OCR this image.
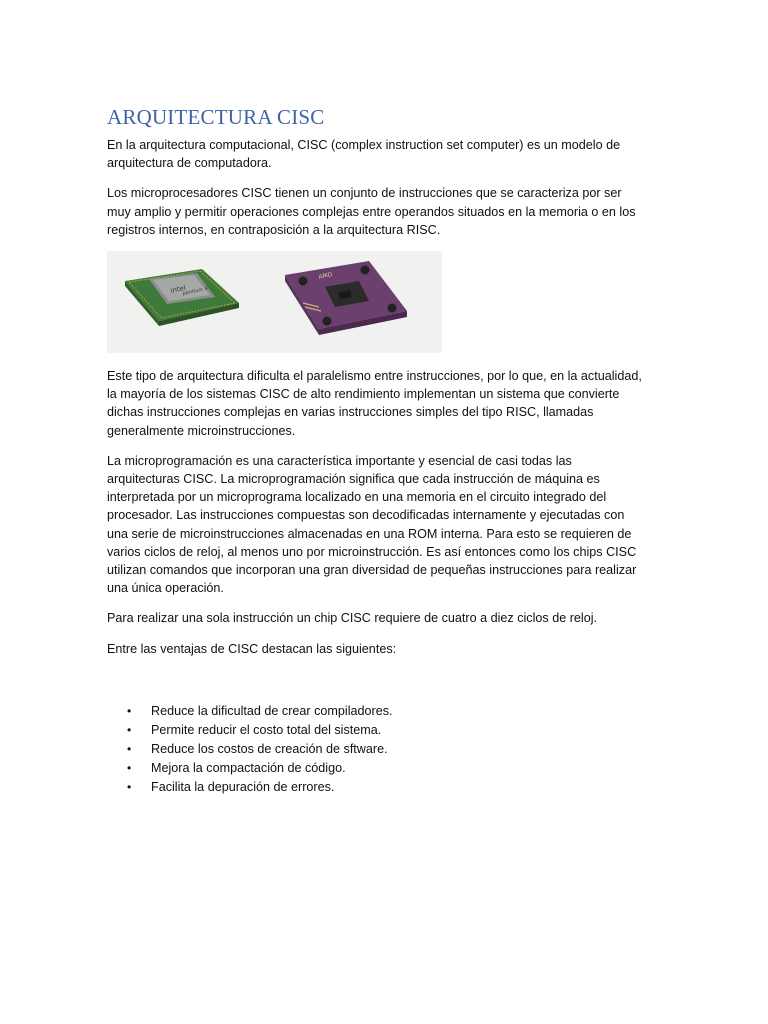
ARQUITECTURA CISC

En la arquitectura computacional, CISC (complex instruction set computer) es un modelo de arquitectura de computadora.

Los microprocesadores CISC tienen un conjunto de instrucciones que se caracteriza por ser muy amplio y permitir operaciones complejas entre operandos situados en la memoria o en los registros internos, en contraposición a la arquitectura RISC.

intel
pentium 4
AMD

Este tipo de arquitectura dificulta el paralelismo entre instrucciones, por lo que, en la actualidad, la mayoría de los sistemas CISC de alto rendimiento implementan un sistema que convierte dichas instrucciones complejas en varias instrucciones simples del tipo RISC, llamadas generalmente microinstrucciones.

La microprogramación es una característica importante y esencial de casi todas las arquitecturas CISC. La microprogramación significa que cada instrucción de máquina es interpretada por un microprograma localizado en una memoria en el circuito integrado del procesador. Las instrucciones compuestas son decodificadas internamente y ejecutadas con una serie de microinstrucciones almacenadas en una ROM interna. Para esto se requieren de varios ciclos de reloj, al menos uno por microinstrucción. Es así entonces como los chips CISC utilizan comandos que incorporan una gran diversidad de pequeñas instrucciones para realizar una única operación.

Para realizar una sola instrucción un chip CISC requiere de cuatro a diez ciclos de reloj.

Entre las ventajas de CISC destacan las siguientes:

•	Reduce la dificultad de crear compiladores.
•	Permite reducir el costo total del sistema.
•	Reduce los costos de creación de sftware.
•	Mejora la compactación de código.
•	Facilita la depuración de errores.
